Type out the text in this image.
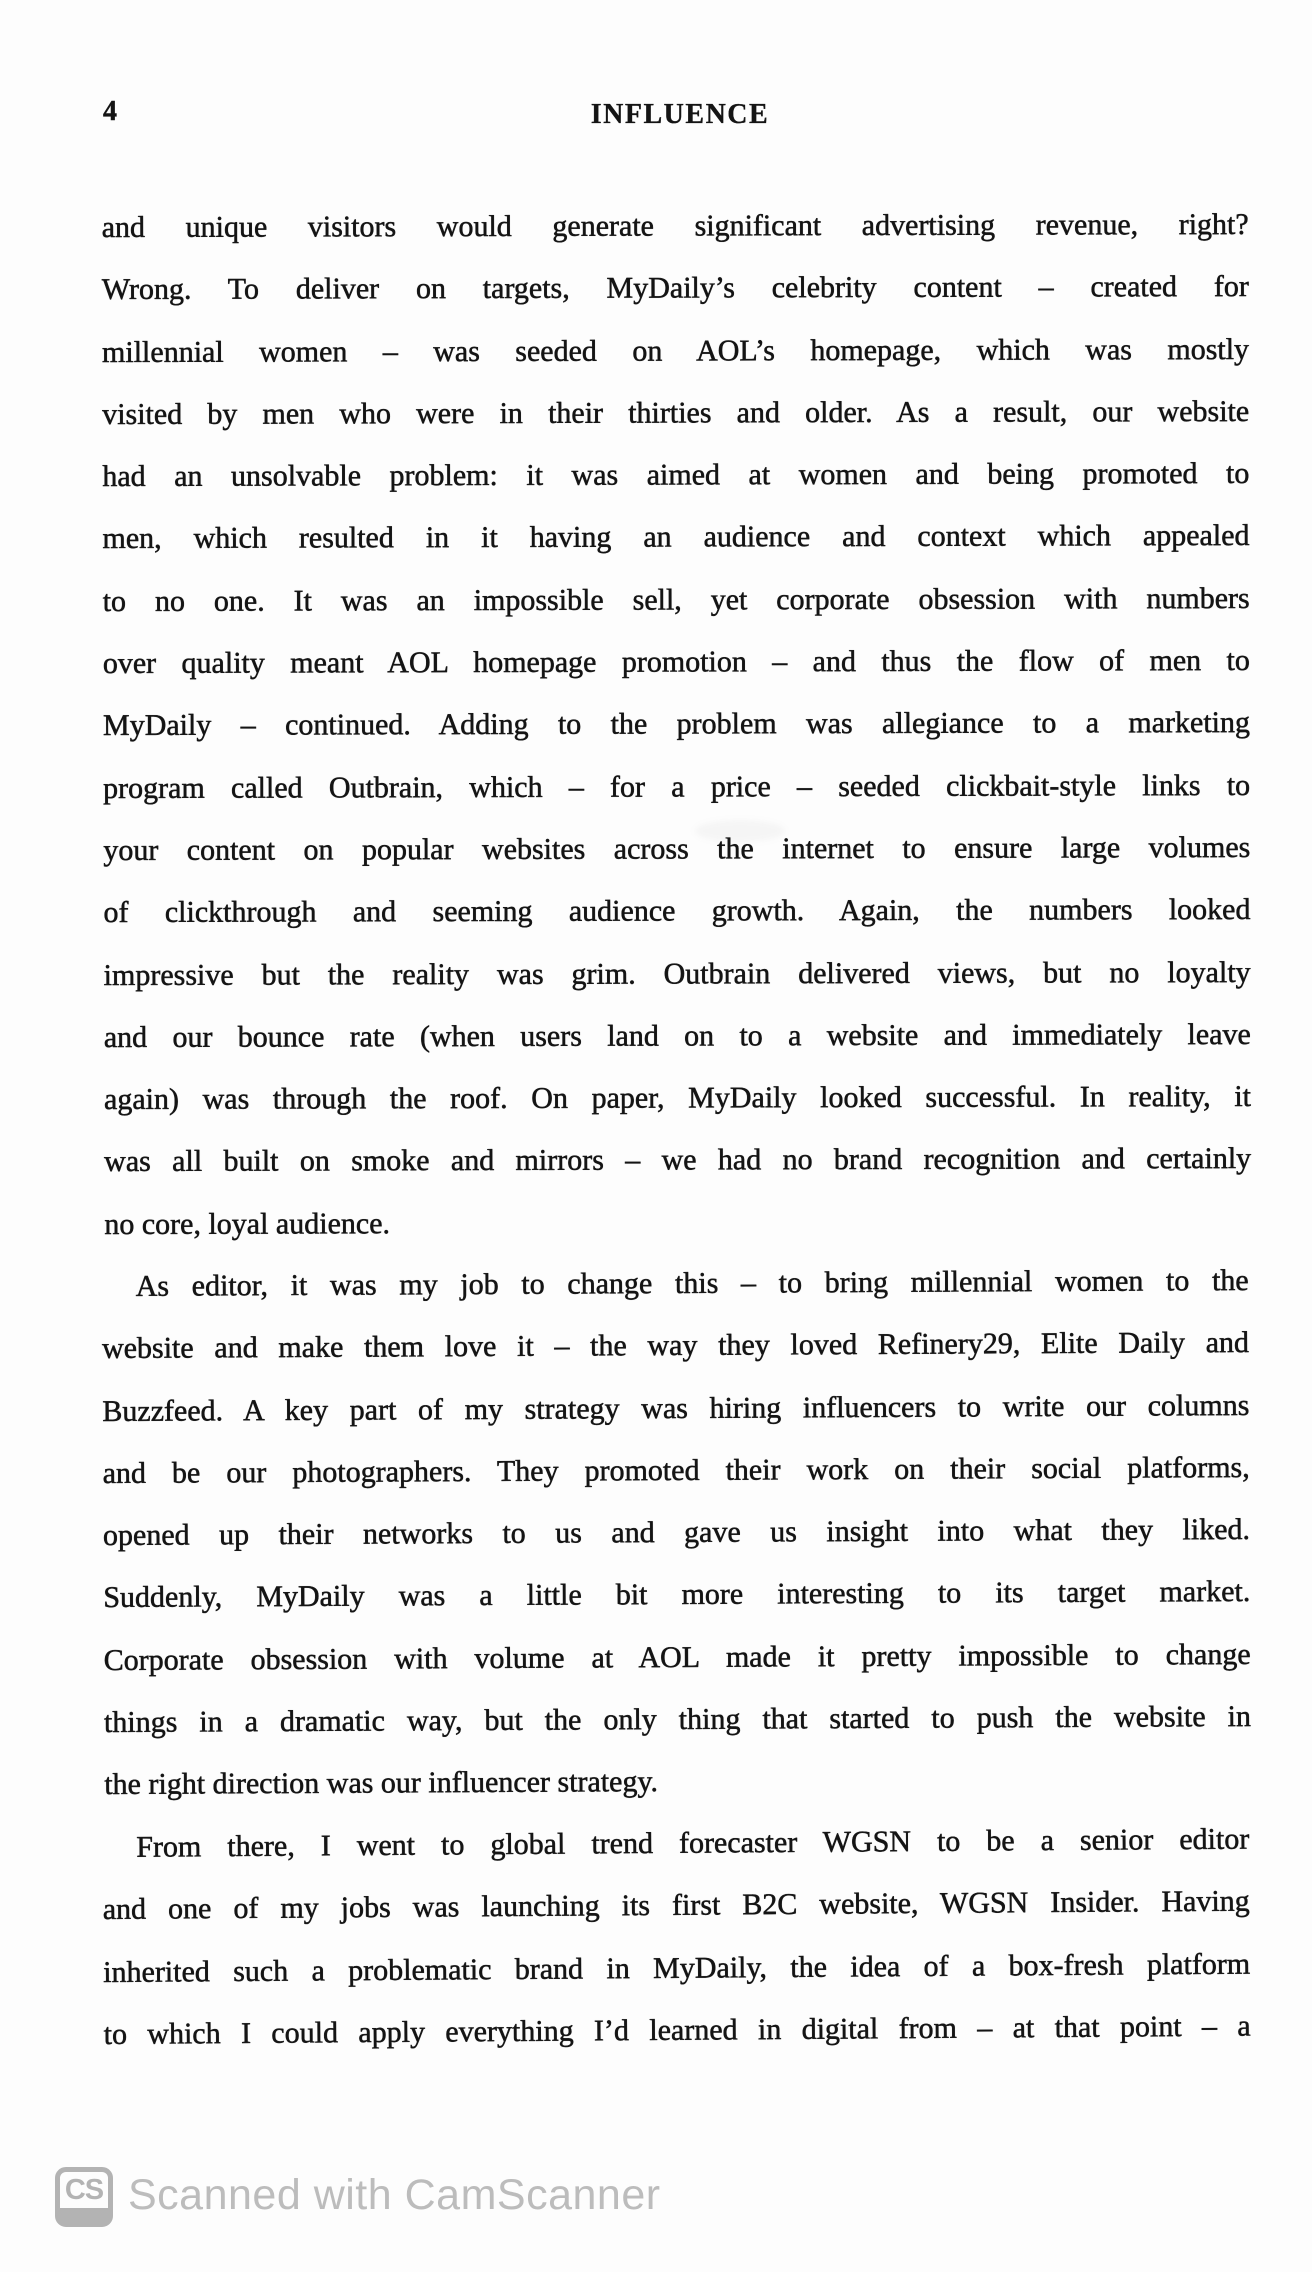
4	INFLUENCE
and unique visitors would generate significant advertising revenue, right?
Wrong. To deliver on targets, MyDaily’s celebrity content – created for
millennial women – was seeded on AOL’s homepage, which was mostly
visited by men who were in their thirties and older. As a result, our website
had an unsolvable problem: it was aimed at women and being promoted to
men, which resulted in it having an audience and context which appealed
to no one. It was an impossible sell, yet corporate obsession with numbers
over quality meant AOL homepage promotion – and thus the flow of men to
MyDaily – continued. Adding to the problem was allegiance to a marketing
program called Outbrain, which – for a price – seeded clickbait-style links to
your content on popular websites across the internet to ensure large volumes
of clickthrough and seeming audience growth. Again, the numbers looked
impressive but the reality was grim. Outbrain delivered views, but no loyalty
and our bounce rate (when users land on to a website and immediately leave
again) was through the roof. On paper, MyDaily looked successful. In reality, it
was all built on smoke and mirrors – we had no brand recognition and certainly
no core, loyal audience.
As editor, it was my job to change this – to bring millennial women to the
website and make them love it – the way they loved Refinery29, Elite Daily and
Buzzfeed. A key part of my strategy was hiring influencers to write our columns
and be our photographers. They promoted their work on their social platforms,
opened up their networks to us and gave us insight into what they liked.
Suddenly, MyDaily was a little bit more interesting to its target market.
Corporate obsession with volume at AOL made it pretty impossible to change
things in a dramatic way, but the only thing that started to push the website in
the right direction was our influencer strategy.
From there, I went to global trend forecaster WGSN to be a senior editor
and one of my jobs was launching its first B2C website, WGSN Insider. Having
inherited such a problematic brand in MyDaily, the idea of a box-fresh platform
to which I could apply everything I’d learned in digital from – at that point – a
CS Scanned with CamScanner
